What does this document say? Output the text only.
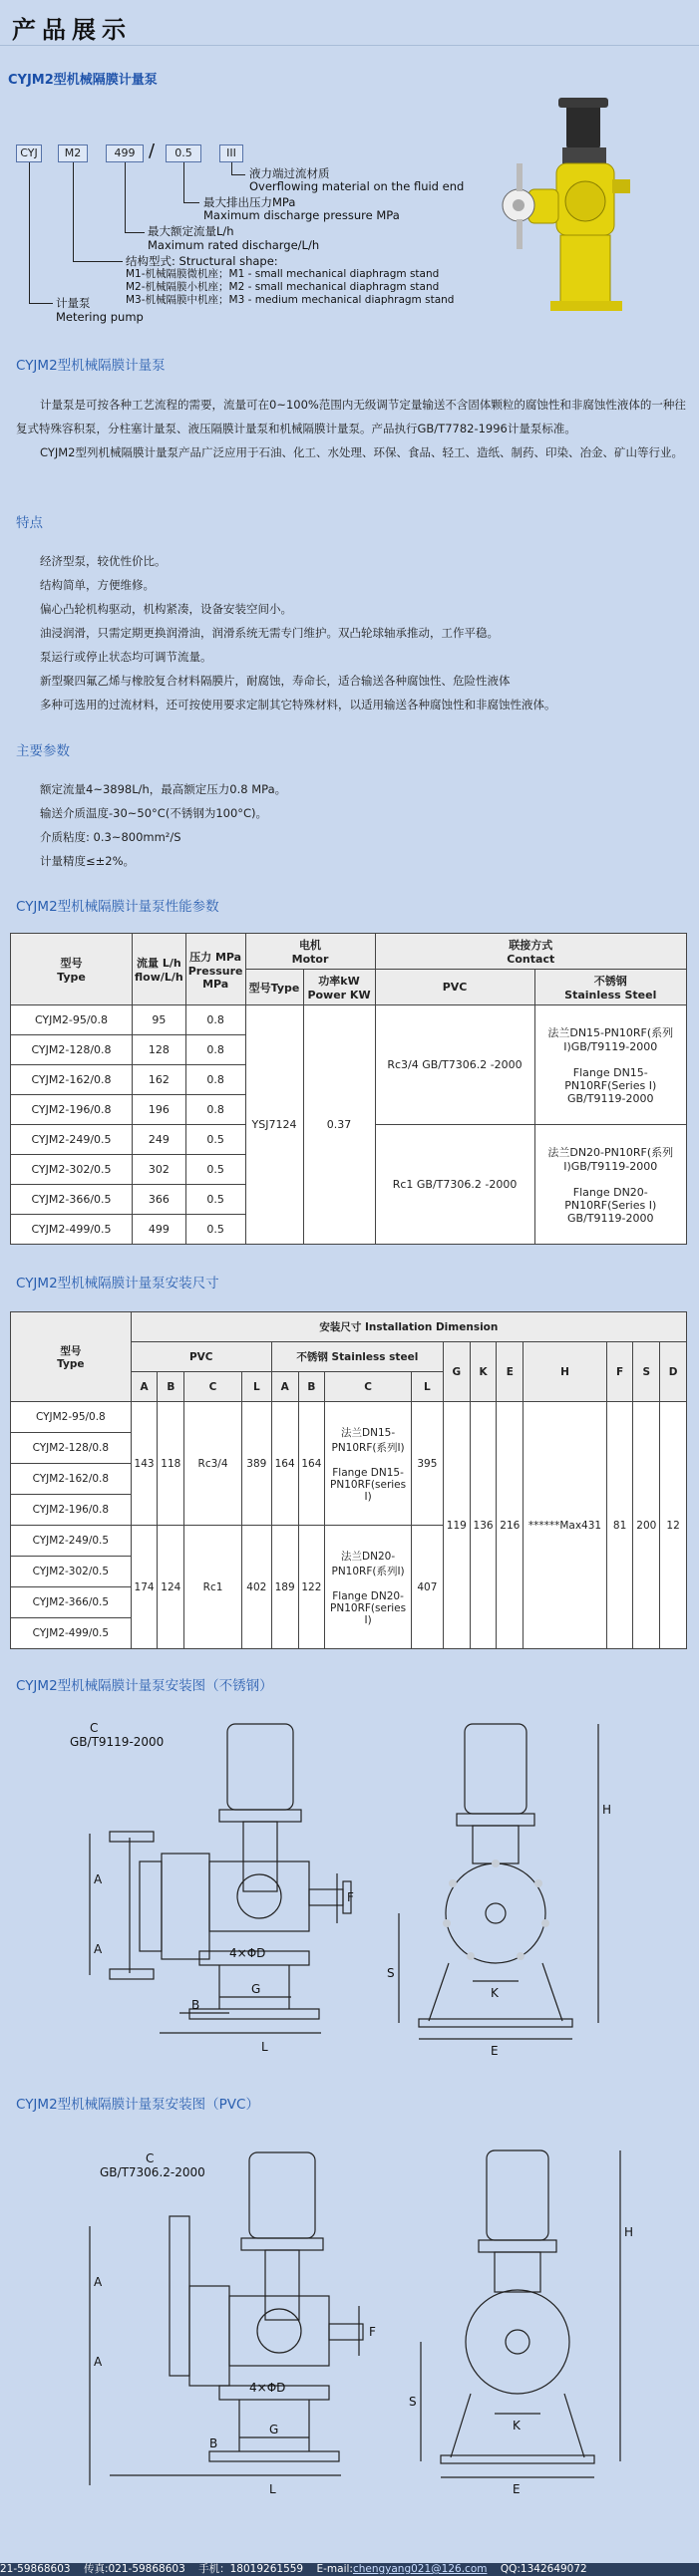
产品展示
CYJM2型机械隔膜计量泵
CYJ	M2	499 /	0.5	III
液力端过流材质
Overflowing material on the fluid end
最大排出压力MPa
Maximum discharge pressure MPa
最大额定流量L/h
Maximum rated discharge/L/h
结构型式: Structural shape:
M1-机械隔膜微机座；M1 - small mechanical diaphragm stand
M2-机械隔膜小机座；M2 - small mechanical diaphragm stand
M3-机械隔膜中机座；M3 - medium mechanical diaphragm stand
计量泵
Metering pump
CYJM2型机械隔膜计量泵
计量泵是可按各种工艺流程的需要，流量可在0~100%范围内无级调节定量输送不含固体颗粒的腐蚀性和非腐蚀性液体的一种往复式特殊容积泵，分柱塞计量泵、液压隔膜计量泵和机械隔膜计量泵。产品执行GB/T7782-1996计量泵标准。
CYJM2型列机械隔膜计量泵产品广泛应用于石油、化工、水处理、环保、食品、轻工、造纸、制药、印染、冶金、矿山等行业。
特点
经济型泵，较优性价比。
结构简单，方便维修。
偏心凸轮机构驱动，机构紧凑，设备安装空间小。
油浸润滑，只需定期更换润滑油，润滑系统无需专门维护。双凸轮球轴承推动，工作平稳。
泵运行或停止状态均可调节流量。
新型聚四氟乙烯与橡胶复合材料隔膜片，耐腐蚀，寿命长，适合输送各种腐蚀性、危险性液体
多种可选用的过流材料，还可按使用要求定制其它特殊材料，以适用输送各种腐蚀性和非腐蚀性液体。
主要参数
额定流量4~3898L/h，最高额定压力0.8 MPa。
输送介质温度-30~50°C(不锈钢为100°C)。
介质粘度: 0.3~800mm²/S
计量精度≤±2%。
CYJM2型机械隔膜计量泵性能参数
型号
Type	流量 L/h
flow/L/h	压力 MPa
Pressure
MPa	电机
Motor		联接方式
Contact	
			型号Type	功率kW
Power KW	PVC	不锈钢
Stainless Steel
CYJM2-95/0.8	95	0.8	YSJ7124	0.37	Rc3/4 GB/T7306.2 -2000	法兰DN15-PN10RF(系列Ⅰ)GB/T9119-2000

Flange DN15-PN10RF(Series I) GB/T9119-2000
CYJM2-128/0.8	128	0.8				
CYJM2-162/0.8	162	0.8				
CYJM2-196/0.8	196	0.8				
CYJM2-249/0.5	249	0.5			Rc1 GB/T7306.2 -2000	法兰DN20-PN10RF(系列Ⅰ)GB/T9119-2000

Flange DN20-PN10RF(Series I) GB/T9119-2000
CYJM2-302/0.5	302	0.5				
CYJM2-366/0.5	366	0.5				
CYJM2-499/0.5	499	0.5				
CYJM2型机械隔膜计量泵安装尺寸
型号
Type	安装尺寸 Installation Dimension														
	PVC				不锈钢 Stainless steel				G	K	E	H	F	S	D
	A	B	C	L	A	B	C	L							
CYJM2-95/0.8	143	118	Rc3/4	389	164	164	法兰DN15-PN10RF(系列Ⅰ)

Flange DN15-PN10RF(series I)	395	119	136	216	******Max431	81	200	12
CYJM2-128/0.8															
CYJM2-162/0.8															
CYJM2-196/0.8															
CYJM2-249/0.5	174	124	Rc1	402	189	122	法兰DN20-PN10RF(系列Ⅰ)

Flange DN20-PN10RF(series I)	407							
CYJM2-302/0.5															
CYJM2-366/0.5															
CYJM2-499/0.5															
CYJM2型机械隔膜计量泵安装图（不锈钢）
C
GB/T9119-2000
A
A
B
G
L
F
4×ΦD
H
S
K
E
CYJM2型机械隔膜计量泵安装图（PVC）
C
GB/T7306.2-2000
A
A
B
G
L
F
4×ΦD
H
S
K
E
21-59868603 传真:021-59868603 手机：18019261559 E-mail:chengyang021@126.com QQ:1342649072
